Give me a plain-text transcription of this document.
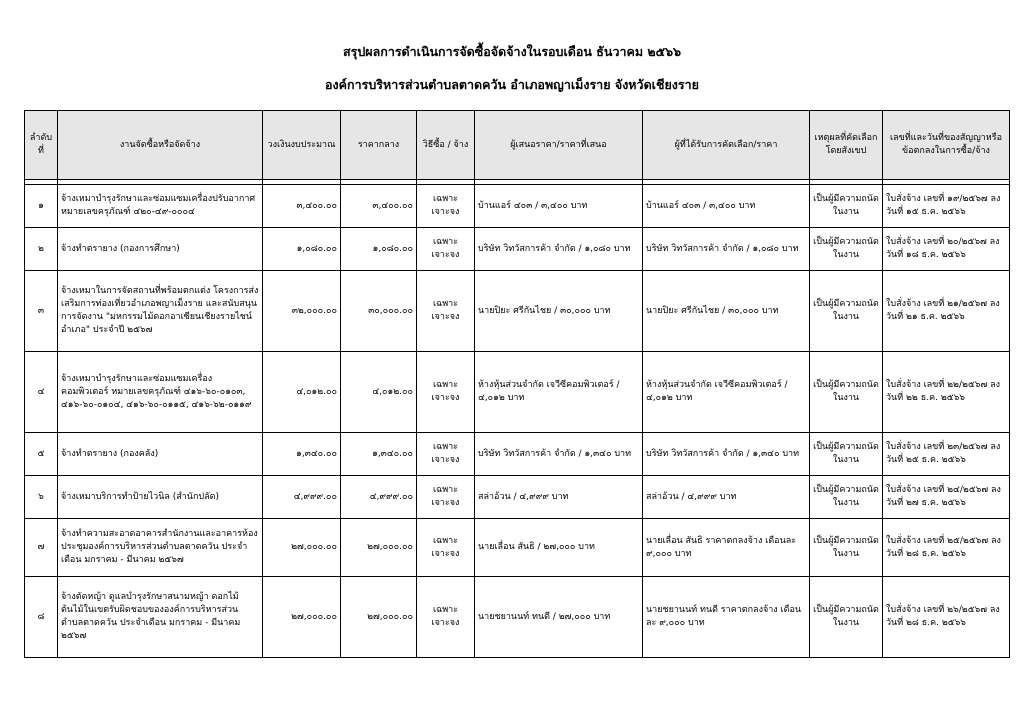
สรุปผลการดำเนินการจัดซื้อจัดจ้างในรอบเดือน ธันวาคม ๒๕๖๖
องค์การบริหารส่วนตำบลตาดควัน อำเภอพญาเม็งราย จังหวัดเชียงราย
ลำดับที่	งานจัดซื้อหรือจัดจ้าง	วงเงินงบประมาณ	ราคากลาง	วิธีซื้อ / จ้าง	ผู้เสนอราคา/ราคาที่เสนอ	ผู้ที่ได้รับการคัดเลือก/ราคา	เหตุผลที่คัดเลือกโดยสังเขป	เลขที่และวันที่ของสัญญาหรือข้อตกลงในการซื้อ/จ้าง

๑	จ้างเหมาบำรุงรักษาและซ่อมแซมเครื่องปรับอากาศ หมายเลขครุภัณฑ์ ๔๒๐-๔๙-๐๐๐๔	๓,๔๐๐.๐๐	๓,๔๐๐.๐๐	เฉพาะเจาะจง	บ้านแอร์ ๔๐๓ / ๓,๔๐๐ บาท	บ้านแอร์ ๔๐๓ / ๓,๔๐๐ บาท	เป็นผู้มีความถนัดในงาน	ใบสั่งจ้าง เลขที่ ๑๙/๒๕๖๗ ลงวันที่ ๑๕ ธ.ค. ๒๕๖๖
๒	จ้างทำตรายาง (กองการศึกษา)	๑,๐๘๐.๐๐	๑,๐๘๐.๐๐	เฉพาะเจาะจง	บริษัท วิทวัสการค้า จำกัด / ๑,๐๘๐ บาท	บริษัท วิทวัสการค้า จำกัด / ๑,๐๘๐ บาท	เป็นผู้มีความถนัดในงาน	ใบสั่งจ้าง เลขที่ ๒๐/๒๕๖๗ ลงวันที่ ๑๘ ธ.ค. ๒๕๖๖
๓	จ้างเหมาในการจัดสถานที่พร้อมตกแต่ง โครงการส่งเสริมการท่องเที่ยวอำเภอพญาเม็งราย และสนับสนุนการจัดงาน "มหกรรมไม้ดอกอาเซียนเชียงรายไชน์อำเภอ" ประจำปี ๒๕๖๗	๓๒,๐๐๐.๐๐	๓๐,๐๐๐.๐๐	เฉพาะเจาะจง	นายปิยะ ศรีกันไชย / ๓๐,๐๐๐ บาท	นายปิยะ ศรีกันไชย / ๓๐,๐๐๐ บาท	เป็นผู้มีความถนัดในงาน	ใบสั่งจ้าง เลขที่ ๒๑/๒๕๖๗ ลงวันที่ ๒๑ ธ.ค. ๒๕๖๖
๔	จ้างเหมาบำรุงรักษาและซ่อมแซมเครื่องคอมพิวเตอร์ หมายเลขครุภัณฑ์ ๔๑๖-๖๐-๐๑๐๓, ๔๑๖-๖๐-๐๑๐๔, ๔๑๖-๖๐-๐๑๑๕, ๔๑๖-๖๒-๐๑๑๙	๔,๐๑๒.๐๐	๔,๐๑๒.๐๐	เฉพาะเจาะจง	ห้างหุ้นส่วนจำกัด เจวีซีคอมพิวเตอร์ / ๔,๐๑๒ บาท	ห้างหุ้นส่วนจำกัด เจวีซีคอมพิวเตอร์ / ๔,๐๑๒ บาท	เป็นผู้มีความถนัดในงาน	ใบสั่งจ้าง เลขที่ ๒๒/๒๕๖๗ ลงวันที่ ๒๒ ธ.ค. ๒๕๖๖
๕	จ้างทำตรายาง (กองคลัง)	๑,๓๔๐.๐๐	๑,๓๔๐.๐๐	เฉพาะเจาะจง	บริษัท วิทวัสการค้า จำกัด / ๑,๓๔๐ บาท	บริษัท วิทวัสการค้า จำกัด / ๑,๓๔๐ บาท	เป็นผู้มีความถนัดในงาน	ใบสั่งจ้าง เลขที่ ๒๓/๒๕๖๗ ลงวันที่ ๒๕ ธ.ค. ๒๕๖๖
๖	จ้างเหมาบริการทำป้ายไวนิล (สำนักปลัด)	๔,๙๙๙.๐๐	๔,๙๙๙.๐๐	เฉพาะเจาะจง	สล่าอ้วน / ๔,๙๙๙ บาท	สล่าอ้วน / ๔,๙๙๙ บาท	เป็นผู้มีความถนัดในงาน	ใบสั่งจ้าง เลขที่ ๒๔/๒๕๖๗ ลงวันที่ ๒๗ ธ.ค. ๒๕๖๖
๗	จ้างทำความสะอาดอาคารสำนักงานและอาคารห้องประชุมองค์การบริหารส่วนตำบลตาดควัน ประจำเดือน มกราคม - มีนาคม ๒๕๖๗	๒๗,๐๐๐.๐๐	๒๗,๐๐๐.๐๐	เฉพาะเจาะจง	นายเลื่อน สันธิ / ๒๗,๐๐๐ บาท	นายเลื่อน สันธิ ราคาตกลงจ้าง เดือนละ ๙,๐๐๐ บาท	เป็นผู้มีความถนัดในงาน	ใบสั่งจ้าง เลขที่ ๒๕/๒๕๖๗ ลงวันที่ ๒๘ ธ.ค. ๒๕๖๖
๘	จ้างตัดหญ้า ดูแลบำรุงรักษาสนามหญ้า ดอกไม้ ต้นไม้ในเขตรับผิดชอบขององค์การบริหารส่วนตำบลตาดควัน ประจำเดือน มกราคม - มีนาคม ๒๕๖๗	๒๗,๐๐๐.๐๐	๒๗,๐๐๐.๐๐	เฉพาะเจาะจง	นายชยานนท์ ทนดี / ๒๗,๐๐๐ บาท	นายชยานนท์ ทนดี ราคาตกลงจ้าง เดือนละ ๙,๐๐๐ บาท	เป็นผู้มีความถนัดในงาน	ใบสั่งจ้าง เลขที่ ๒๖/๒๕๖๗ ลงวันที่ ๒๘ ธ.ค. ๒๕๖๖
